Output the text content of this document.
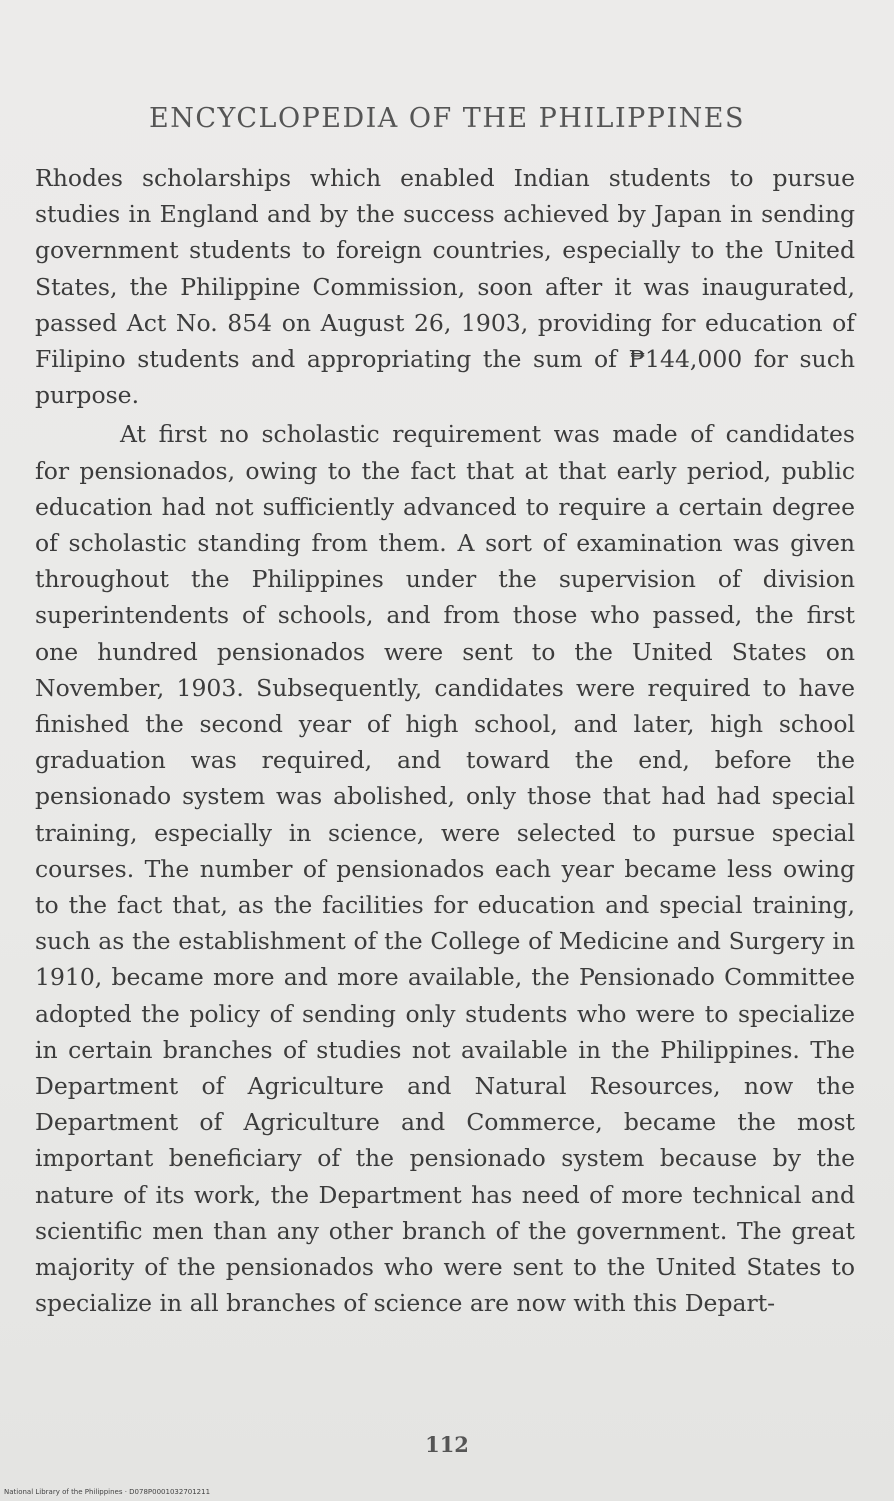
ENCYCLOPEDIA OF THE PHILIPPINES

Rhodes scholarships which enabled Indian students to pursue studies in England and by the success achieved by Japan in sending government students to foreign countries, especially to the United States, the Philippine Commission, soon after it was inaugurated, passed Act No. 854 on August 26, 1903, providing for education of Filipino students and appropriating the sum of ₱144,000 for such purpose.

At first no scholastic requirement was made of candidates for pensionados, owing to the fact that at that early period, public education had not sufficiently advanced to require a certain degree of scholastic standing from them. A sort of examination was given throughout the Philippines under the supervision of division superintendents of schools, and from those who passed, the first one hundred pensionados were sent to the United States on November, 1903. Subsequently, candidates were required to have finished the second year of high school, and later, high school graduation was required, and toward the end, before the pensionado system was abolished, only those that had had special training, especially in science, were selected to pursue special courses. The number of pensionados each year became less owing to the fact that, as the facilities for education and special training, such as the establishment of the College of Medicine and Surgery in 1910, became more and more available, the Pensionado Committee adopted the policy of sending only students who were to specialize in certain branches of studies not available in the Philippines. The Department of Agriculture and Natural Resources, now the Department of Agriculture and Commerce, became the most important beneficiary of the pensionado system because by the nature of its work, the Department has need of more technical and scientific men than any other branch of the government. The great majority of the pensionados who were sent to the United States to specialize in all branches of science are now with this Depart-

112
National Library of the Philippines · D078P0001032701211
